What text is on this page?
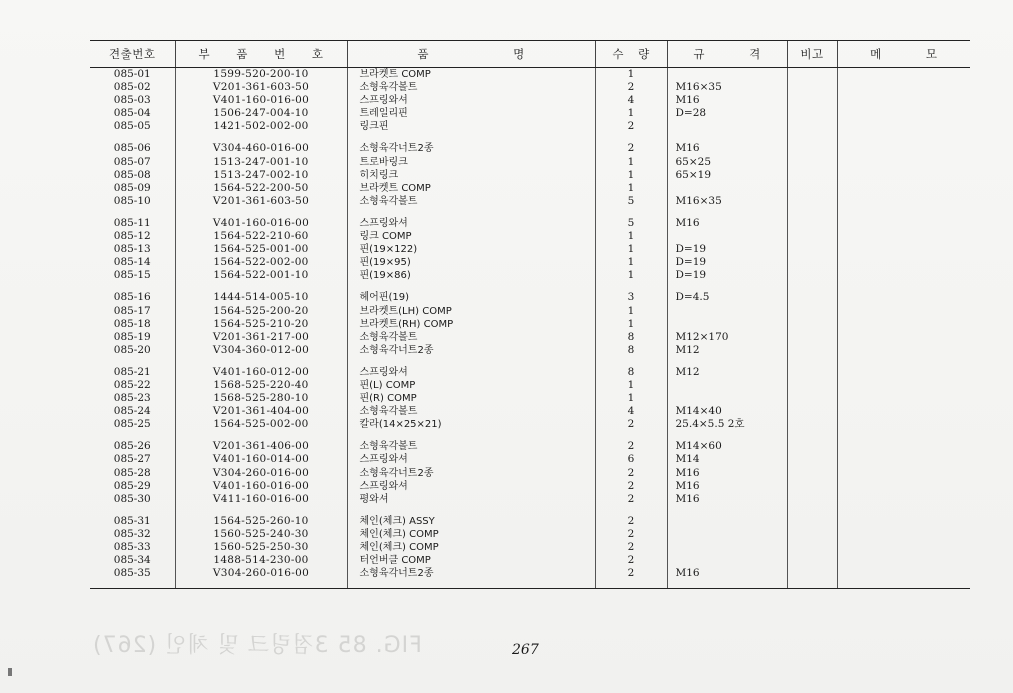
견출번호	부 품 번 호	품 명	수 량	규 격	비고	메 모
085-01	1599-520-200-10	브라켓트 COMP	1			
085-02	V201-361-603-50	소형육각볼트	2	M16×35		
085-03	V401-160-016-00	스프링와셔	4	M16		
085-04	1506-247-004-10	트레일리핀	1	D=28		
085-05	1421-502-002-00	링크핀	2			

085-06	V304-460-016-00	소형육각너트2종	2	M16		
085-07	1513-247-001-10	트로바링크	1	65×25		
085-08	1513-247-002-10	히치링크	1	65×19		
085-09	1564-522-200-50	브라켓트 COMP	1			
085-10	V201-361-603-50	소형육각볼트	5	M16×35		

085-11	V401-160-016-00	스프링와셔	5	M16		
085-12	1564-522-210-60	링크 COMP	1			
085-13	1564-525-001-00	핀(19×122)	1	D=19		
085-14	1564-522-002-00	핀(19×95)	1	D=19		
085-15	1564-522-001-10	핀(19×86)	1	D=19		

085-16	1444-514-005-10	헤어핀(19)	3	D=4.5		
085-17	1564-525-200-20	브라켓트(LH) COMP	1			
085-18	1564-525-210-20	브라켓트(RH) COMP	1			
085-19	V201-361-217-00	소형육각볼트	8	M12×170		
085-20	V304-360-012-00	소형육각너트2종	8	M12		

085-21	V401-160-012-00	스프링와셔	8	M12		
085-22	1568-525-220-40	핀(L) COMP	1			
085-23	1568-525-280-10	핀(R) COMP	1			
085-24	V201-361-404-00	소형육각볼트	4	M14×40		
085-25	1564-525-002-00	칼라(14×25×21)	2	25.4×5.5 2호		

085-26	V201-361-406-00	소형육각볼트	2	M14×60		
085-27	V401-160-014-00	스프링와셔	6	M14		
085-28	V304-260-016-00	소형육각너트2종	2	M16		
085-29	V401-160-016-00	스프링와셔	2	M16		
085-30	V411-160-016-00	평와셔	2	M16		

085-31	1564-525-260-10	체인(체크) ASSY	2			
085-32	1560-525-240-30	체인(체크) COMP	2			
085-33	1560-525-250-30	체인(체크) COMP	2			
085-34	1488-514-230-00	터언버클 COMP	2			
085-35	V304-260-016-00	소형육각너트2종	2	M16		
FIG. 85 3점링크 및 체인 (267)	267
